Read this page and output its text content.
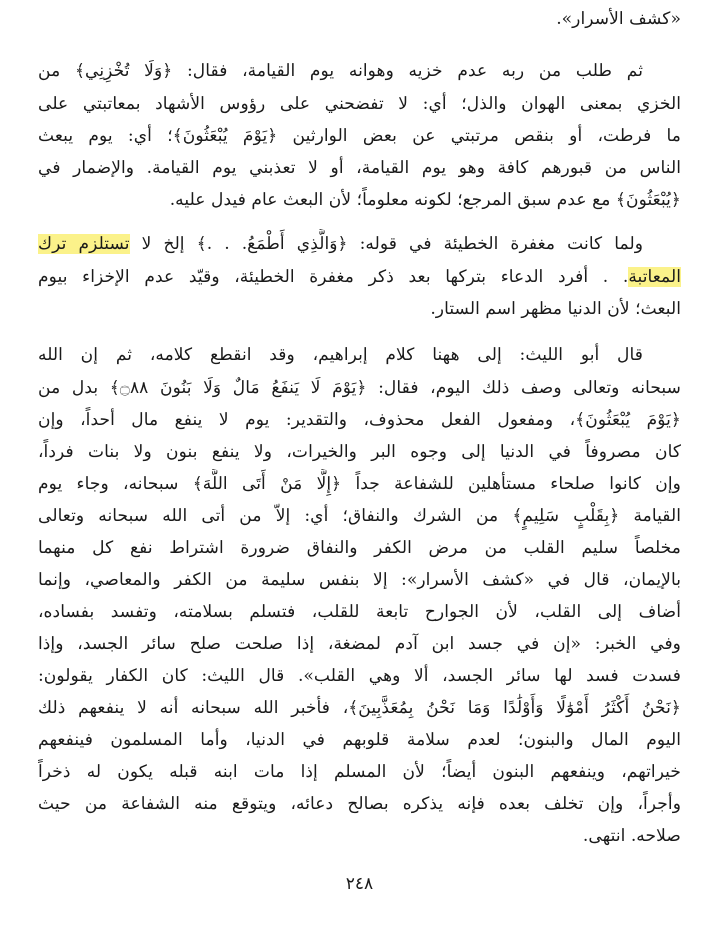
«كشف الأسرار».
ثم طلب من ربه عدم خزيه وهوانه يوم القيامة، فقال: ﴿وَلَا تُخْزِنِي﴾ من
الخزي بمعنى الهوان والذل؛ أي: لا تفضحني على رؤوس الأشهاد بمعاتبتي على
ما فرطت، أو بنقص مرتبتي عن بعض الوارثين ﴿يَوْمَ يُبْعَثُونَ﴾؛ أي: يوم يبعث
الناس من قبورهم كافة وهو يوم القيامة، أو لا تعذبني يوم القيامة. والإضمار في
﴿يُبْعَثُونَ﴾ مع عدم سبق المرجع؛ لكونه معلوماً؛ لأن البعث عام فيدل عليه.
ولما كانت مغفرة الخطيئة في قوله: ﴿وَالَّذِي أَطْمَعُ. . .﴾ إلخ لا تستلزم ترك
المعاتبة. . أفرد الدعاء بتركها بعد ذكر مغفرة الخطيئة، وقيّد عدم الإخزاء بيوم
البعث؛ لأن الدنيا مظهر اسم الستار.
قال أبو الليث: إلى ههنا كلام إبراهيم، وقد انقطع كلامه، ثم إن الله
سبحانه وتعالى وصف ذلك اليوم، فقال: ﴿يَوْمَ لَا يَنفَعُ مَالٌ وَلَا بَنُونَ ۝٨٨﴾ بدل من
﴿يَوْمَ يُبْعَثُونَ﴾، ومفعول الفعل محذوف، والتقدير: يوم لا ينفع مال أحداً، وإن
كان مصروفاً في الدنيا إلى وجوه البر والخيرات، ولا ينفع بنون ولا بنات فرداً،
وإن كانوا صلحاء مستأهلين للشفاعة جداً ﴿إِلَّا مَنْ أَتَى اللَّهَ﴾ سبحانه، وجاء يوم
القيامة ﴿بِقَلْبٍ سَلِيمٍ﴾ من الشرك والنفاق؛ أي: إلاّ من أتى الله سبحانه وتعالى
مخلصاً سليم القلب من مرض الكفر والنفاق ضرورة اشتراط نفع كل منهما
بالإيمان، قال في «كشف الأسرار»: إلا بنفس سليمة من الكفر والمعاصي، وإنما
أضاف إلى القلب، لأن الجوارح تابعة للقلب، فتسلم بسلامته، وتفسد بفساده،
وفي الخبر: «إن في جسد ابن آدم لمضغة، إذا صلحت صلح سائر الجسد، وإذا
فسدت فسد لها سائر الجسد، ألا وهي القلب». قال الليث: كان الكفار يقولون:
﴿نَحْنُ أَكْثَرُ أَمْوَٰلًا وَأَوْلَٰدًا وَمَا نَحْنُ بِمُعَذَّبِينَ﴾، فأخبر الله سبحانه أنه لا ينفعهم ذلك
اليوم المال والبنون؛ لعدم سلامة قلوبهم في الدنيا، وأما المسلمون فينفعهم
خيراتهم، وينفعهم البنون أيضاً؛ لأن المسلم إذا مات ابنه قبله يكون له ذخراً
وأجراً، وإن تخلف بعده فإنه يذكره بصالح دعائه، ويتوقع منه الشفاعة من حيث
صلاحه. انتهى.
٢٤٨
